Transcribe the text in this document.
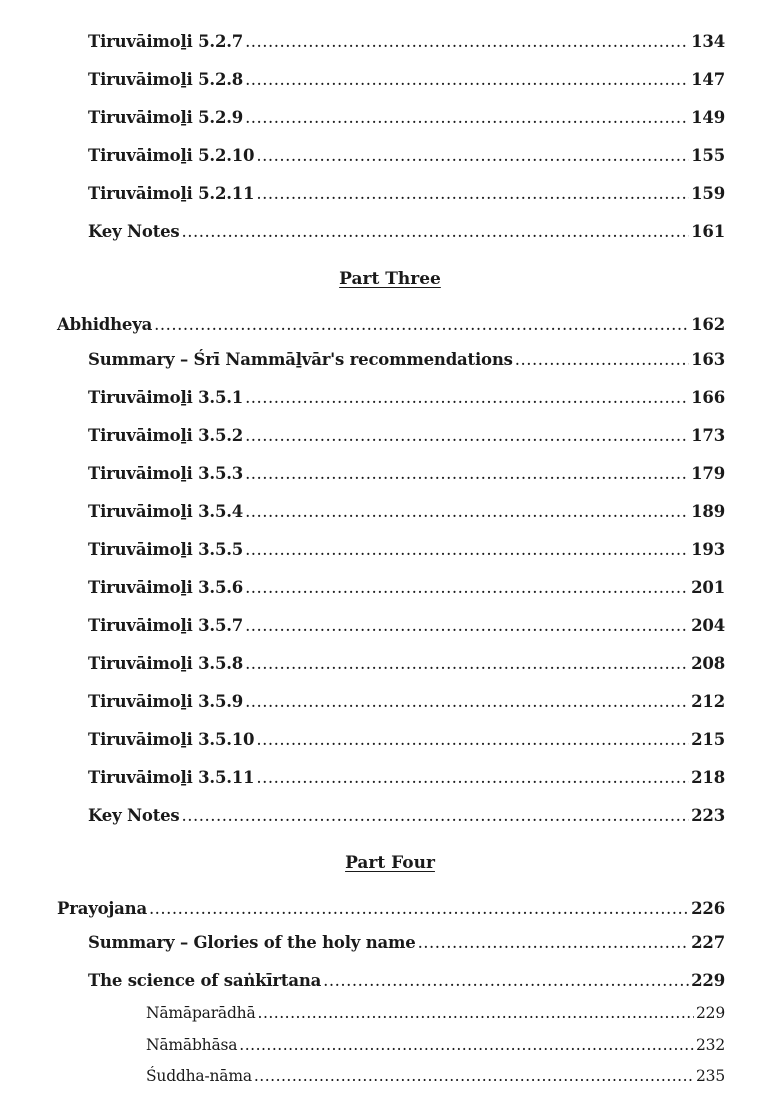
Tiruvāimoḻi 5.2.7 .....	134
Tiruvāimoḻi 5.2.8 .....	147
Tiruvāimoḻi 5.2.9 .....	149
Tiruvāimoḻi 5.2.10 .....	155
Tiruvāimoḻi 5.2.11 .....	159
Key Notes .....	161
Part Three
Abhidheya .....	162
Summary – Śrī Nammāḻvār's recommendations .....	163
Tiruvāimoḻi 3.5.1 .....	166
Tiruvāimoḻi 3.5.2 .....	173
Tiruvāimoḻi 3.5.3 .....	179
Tiruvāimoḻi 3.5.4 .....	189
Tiruvāimoḻi 3.5.5 .....	193
Tiruvāimoḻi 3.5.6 .....	201
Tiruvāimoḻi 3.5.7 .....	204
Tiruvāimoḻi 3.5.8 .....	208
Tiruvāimoḻi 3.5.9 .....	212
Tiruvāimoḻi 3.5.10 .....	215
Tiruvāimoḻi 3.5.11 .....	218
Key Notes .....	223
Part Four
Prayojana .....	226
Summary – Glories of the holy name .....	227
The science of saṅkīrtana .....	229
Nāmāparādhā .....	229
Nāmābhāsa .....	232
Śuddha-nāma .....	235
